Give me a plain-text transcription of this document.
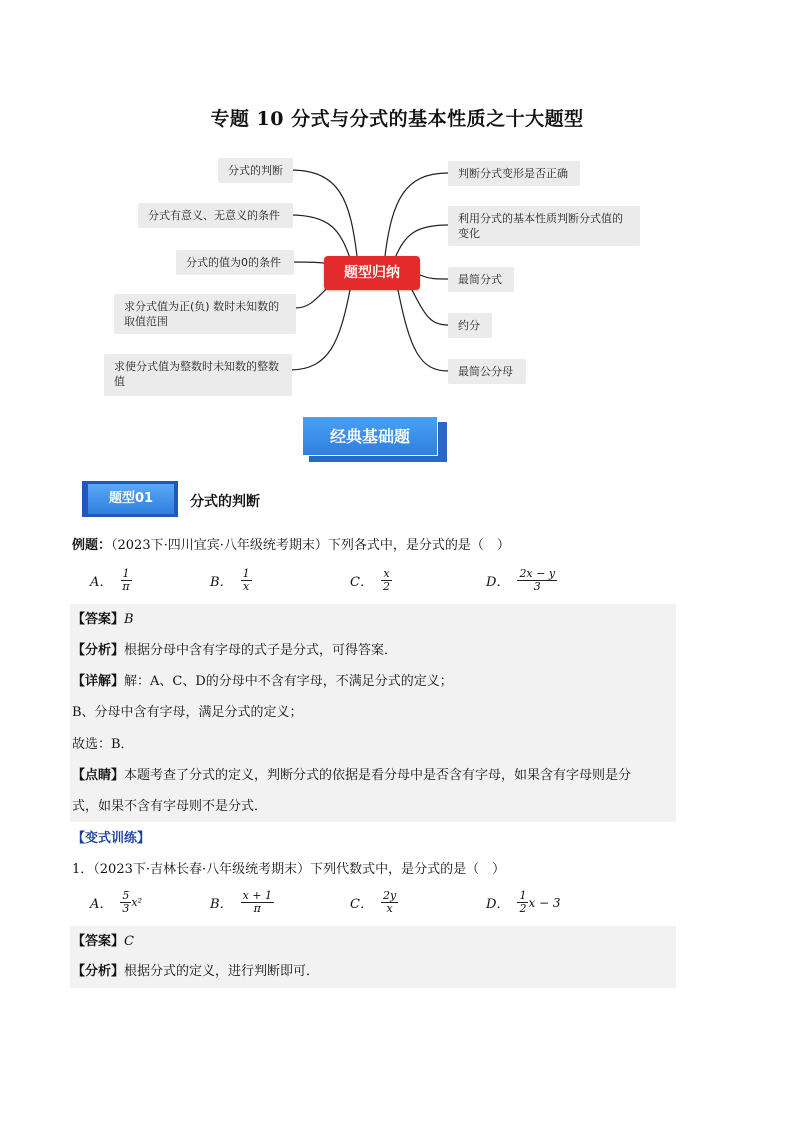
专题 10 分式与分式的基本性质之十大题型
分式的判断
分式有意义、无意义的条件
分式的值为0的条件
求分式值为正(负) 数时未知数的取值范围
求使分式值为整数时未知数的整数值
题型归纳
判断分式变形是否正确
利用分式的基本性质判断分式值的变化
最简分式
约分
最简公分母
经典基础题
题型01	分式的判断
例题：（2023下·四川宜宾·八年级统考期末）下列各式中，是分式的是（　）
A． $\frac{1}{\pi}$	B． $\frac{1}{x}$	C． $\frac{x}{2}$	D． $\frac{2x - y}{3}$
【答案】B
【分析】根据分母中含有字母的式子是分式，可得答案．
【详解】解：A、C、D的分母中不含有字母，不满足分式的定义；
B、分母中含有字母，满足分式的定义；
故选：B．
【点睛】本题考查了分式的定义，判断分式的依据是看分母中是否含有字母，如果含有字母则是分
式，如果不含有字母则不是分式．
【变式训练】
1．（2023下·吉林长春·八年级统考期末）下列代数式中，是分式的是（　）
A． $\frac{5}{3} x^2$	B． $\frac{x + 1}{\pi}$	C． $\frac{2y}{x}$	D． $\frac{1}{2}$ x − 3
【答案】C
【分析】根据分式的定义，进行判断即可．
